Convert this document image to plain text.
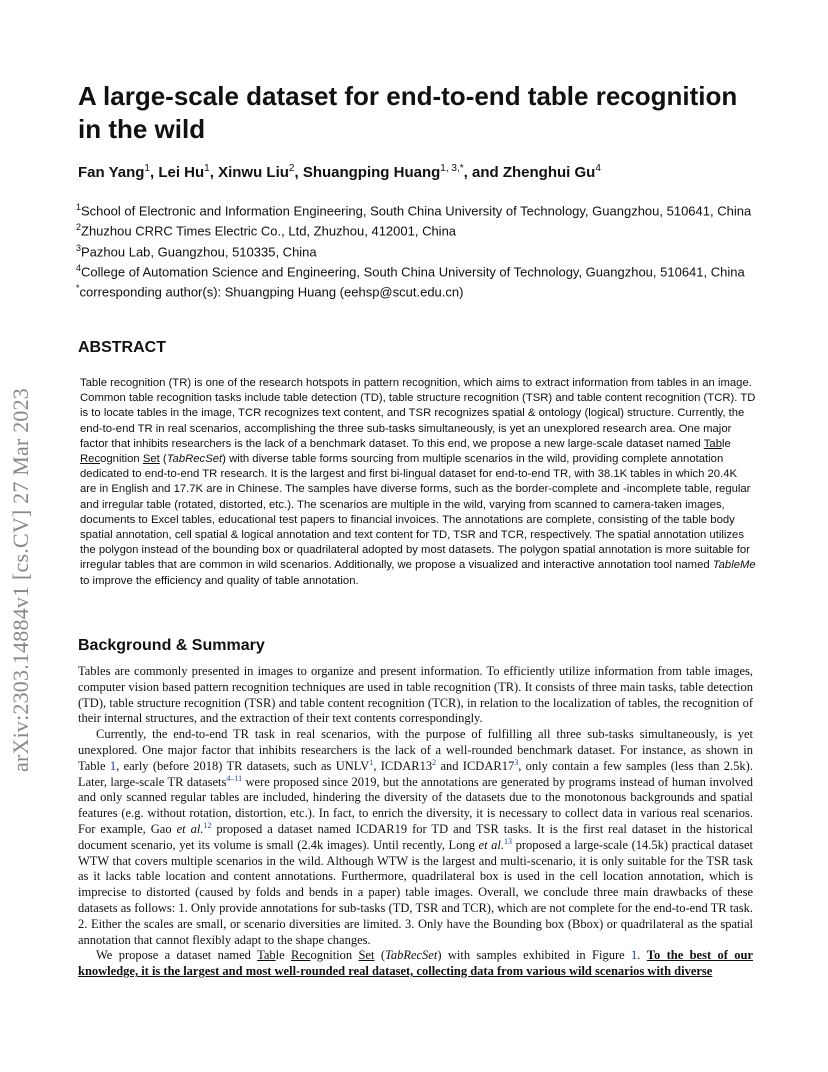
arXiv:2303.14884v1 [cs.CV] 27 Mar 2023
A large-scale dataset for end-to-end table recognition in the wild
Fan Yang$^1$, Lei Hu$^1$, Xinwu Liu$^2$, Shuangping Huang$^{1, 3,*}$, and Zhenghui Gu$^4$

$^1$School of Electronic and Information Engineering, South China University of Technology, Guangzhou, 510641, China

$^2$Zhuzhou CRRC Times Electric Co., Ltd, Zhuzhou, 412001, China

$^3$Pazhou Lab, Guangzhou, 510335, China

$^4$College of Automation Science and Engineering, South China University of Technology, Guangzhou, 510641, China

*corresponding author(s): Shuangping Huang (eehsp@scut.edu.cn)

ABSTRACT

Table recognition (TR) is one of the research hotspots in pattern recognition, which aims to extract information from tables in an image. Common table recognition tasks include table detection (TD), table structure recognition (TSR) and table content recognition (TCR). TD is to locate tables in the image, TCR recognizes text content, and TSR recognizes spatial & ontology (logical) structure. Currently, the end-to-end TR in real scenarios, accomplishing the three sub-tasks simultaneously, is yet an unexplored research area. One major factor that inhibits researchers is the lack of a benchmark dataset. To this end, we propose a new large-scale dataset named Table Recognition Set (TabRecSet) with diverse table forms sourcing from multiple scenarios in the wild, providing complete annotation dedicated to end-to-end TR research. It is the largest and first bi-lingual dataset for end-to-end TR, with 38.1K tables in which 20.4K are in English and 17.7K are in Chinese. The samples have diverse forms, such as the border-complete and -incomplete table, regular and irregular table (rotated, distorted, etc.). The scenarios are multiple in the wild, varying from scanned to camera-taken images, documents to Excel tables, educational test papers to financial invoices. The annotations are complete, consisting of the table body spatial annotation, cell spatial & logical annotation and text content for TD, TSR and TCR, respectively. The spatial annotation utilizes the polygon instead of the bounding box or quadrilateral adopted by most datasets. The polygon spatial annotation is more suitable for irregular tables that are common in wild scenarios. Additionally, we propose a visualized and interactive annotation tool named TableMe to improve the efficiency and quality of table annotation.

Background & Summary

Tables are commonly presented in images to organize and present information. To efficiently utilize information from table images, computer vision based pattern recognition techniques are used in table recognition (TR). It consists of three main tasks, table detection (TD), table structure recognition (TSR) and table content recognition (TCR), in relation to the localization of tables, the recognition of their internal structures, and the extraction of their text contents correspondingly.

Currently, the end-to-end TR task in real scenarios, with the purpose of fulfilling all three sub-tasks simultaneously, is yet unexplored. One major factor that inhibits researchers is the lack of a well-rounded benchmark dataset. For instance, as shown in Table 1, early (before 2018) TR datasets, such as UNLV$^1$, $ICDAR13^2$ and $ICDAR17^3$, only contain a few samples (less than 2.5k). Later, large-scale TR datasets$^{4-11}$ were proposed since 2019, but the annotations are generated by programs instead of human involved and only scanned regular tables are included, hindering the diversity of the datasets due to the monotonous backgrounds and spatial features (e.g. without rotation, distortion, etc.). In fact, to enrich the diversity, it is necessary to collect data in various real scenarios. For example, Gao et al.$^{12}$ proposed a dataset named ICDAR19 for TD and TSR tasks. It is the first real dataset in the historical document scenario, yet its volume is small (2.4k images). Until recently, Long et al.$^{13}$ proposed a large-scale (14.5k) practical dataset WTW that covers multiple scenarios in the wild. Although WTW is the largest and multi-scenario, it is only suitable for the TSR task as it lacks table location and content annotations. Furthermore, quadrilateral box is used in the cell location annotation, which is imprecise to distorted (caused by folds and bends in a paper) table images. Overall, we conclude three main drawbacks of these datasets as follows: 1. Only provide annotations for sub-tasks (TD, TSR and TCR), which are not complete for the end-to-end TR task. 2. Either the scales are small, or scenario diversities are limited. 3. Only have the Bounding box (Bbox) or quadrilateral as the spatial annotation that cannot flexibly adapt to the shape changes.

We propose a dataset named Table Recognition Set (TabRecSet) with samples exhibited in Figure 1. To the best of our knowledge, it is the largest and most well-rounded real dataset, collecting data from various wild scenarios with diverse
